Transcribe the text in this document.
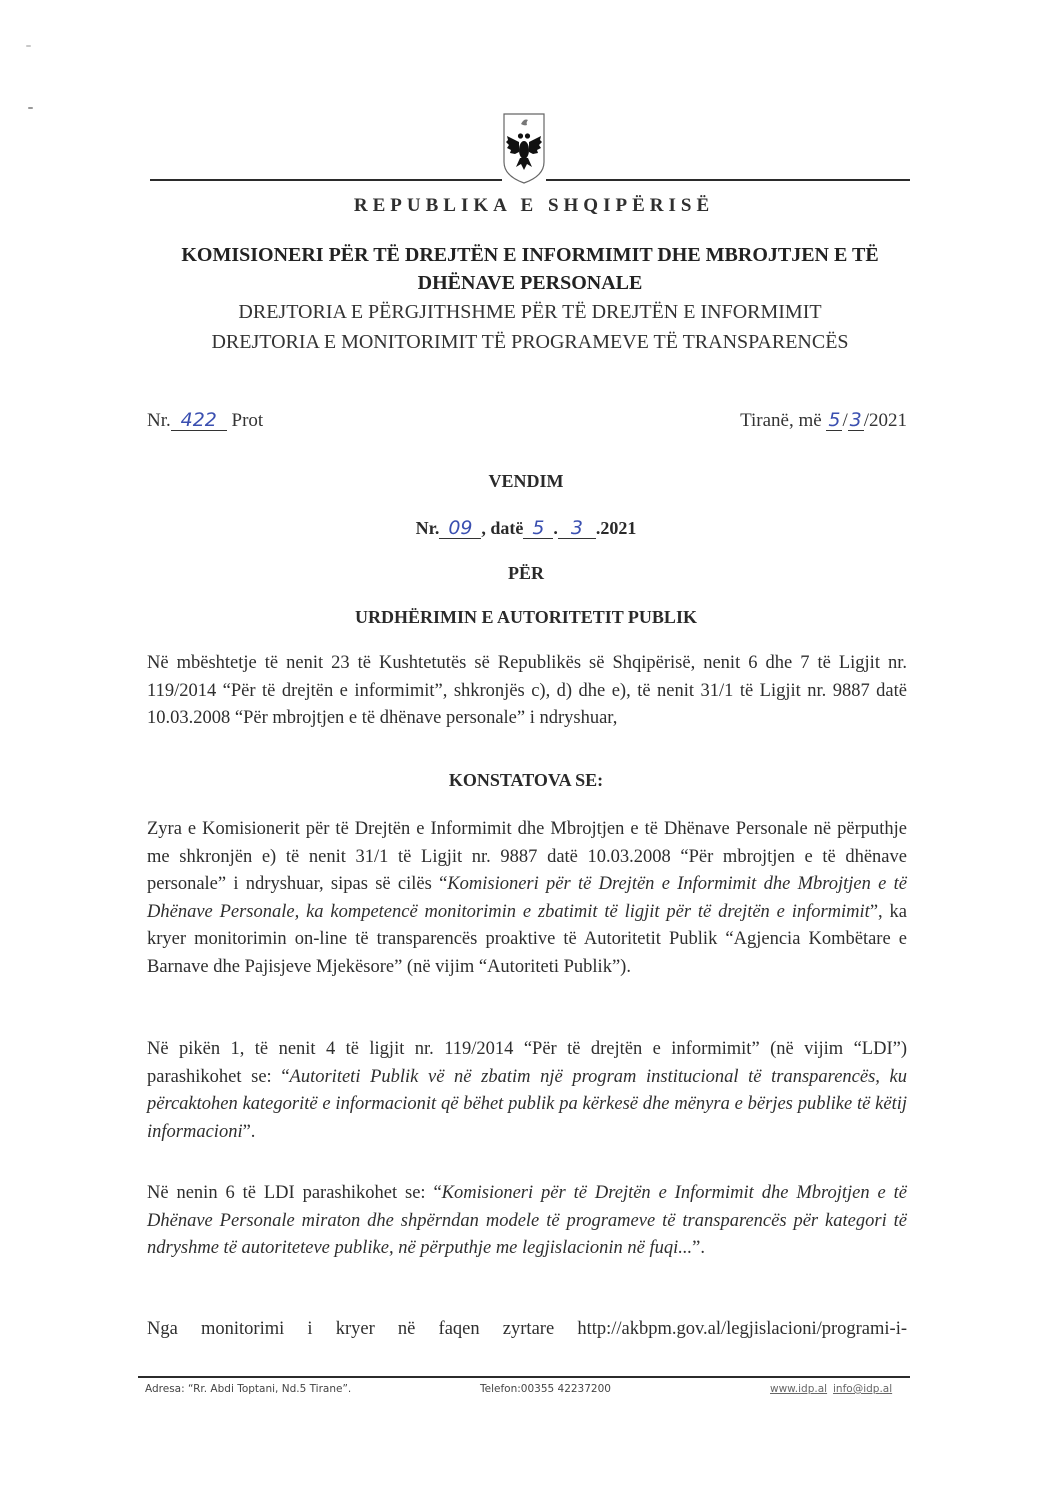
REPUBLIKA E SHQIPËRISË
KOMISIONERI PËR TË DREJTËN E INFORMIMIT DHE MBROJTJEN E TË
DHËNAVE PERSONALE
DREJTORIA E PËRGJITHSHME PËR TË DREJTËN E INFORMIMIT
DREJTORIA E MONITORIMIT TË PROGRAMEVE TË TRANSPARENCËS
Nr. 422 Prot	Tiranë, më 5 / 3 /2021
VENDIM
Nr. 09 , datë 5 . 3 .2021
PËR
URDHËRIMIN E AUTORITETIT PUBLIK
Në mbështetje të nenit 23 të Kushtetutës së Republikës së Shqipërisë, nenit 6 dhe 7 të Ligjit nr. 119/2014 “Për të drejtën e informimit”, shkronjës c), d) dhe e), të nenit 31/1 të Ligjit nr. 9887 datë 10.03.2008 “Për mbrojtjen e të dhënave personale” i ndryshuar,
KONSTATOVA SE:
Zyra e Komisionerit për të Drejtën e Informimit dhe Mbrojtjen e të Dhënave Personale në përputhje me shkronjën e) të nenit 31/1 të Ligjit nr. 9887 datë 10.03.2008 “Për mbrojtjen e të dhënave personale” i ndryshuar, sipas së cilës “Komisioneri për të Drejtën e Informimit dhe Mbrojtjen e të Dhënave Personale, ka kompetencë monitorimin e zbatimit të ligjit për të drejtën e informimit”, ka kryer monitorimin on-line të transparencës proaktive të Autoritetit Publik “Agjencia Kombëtare e Barnave dhe Pajisjeve Mjekësore” (në vijim “Autoriteti Publik”).
Në pikën 1, të nenit 4 të ligjit nr. 119/2014 “Për të drejtën e informimit” (në vijim “LDI”) parashikohet se: “Autoriteti Publik vë në zbatim një program institucional të transparencës, ku përcaktohen kategoritë e informacionit që bëhet publik pa kërkesë dhe mënyra e bërjes publike të këtij informacioni”.
Në nenin 6 të LDI parashikohet se: “Komisioneri për të Drejtën e Informimit dhe Mbrojtjen e të Dhënave Personale miraton dhe shpërndan modele të programeve të transparencës për kategori të ndryshme të autoriteteve publike, në përputhje me legjislacionin në fuqi...”.
Nga monitorimi i kryer në faqen zyrtare http://akbpm.gov.al/legjislacioni/programi-i-
Adresa: “Rr. Abdi Toptani, Nd.5 Tirane”.	Telefon:00355 42237200	www.idp.al info@idp.al
